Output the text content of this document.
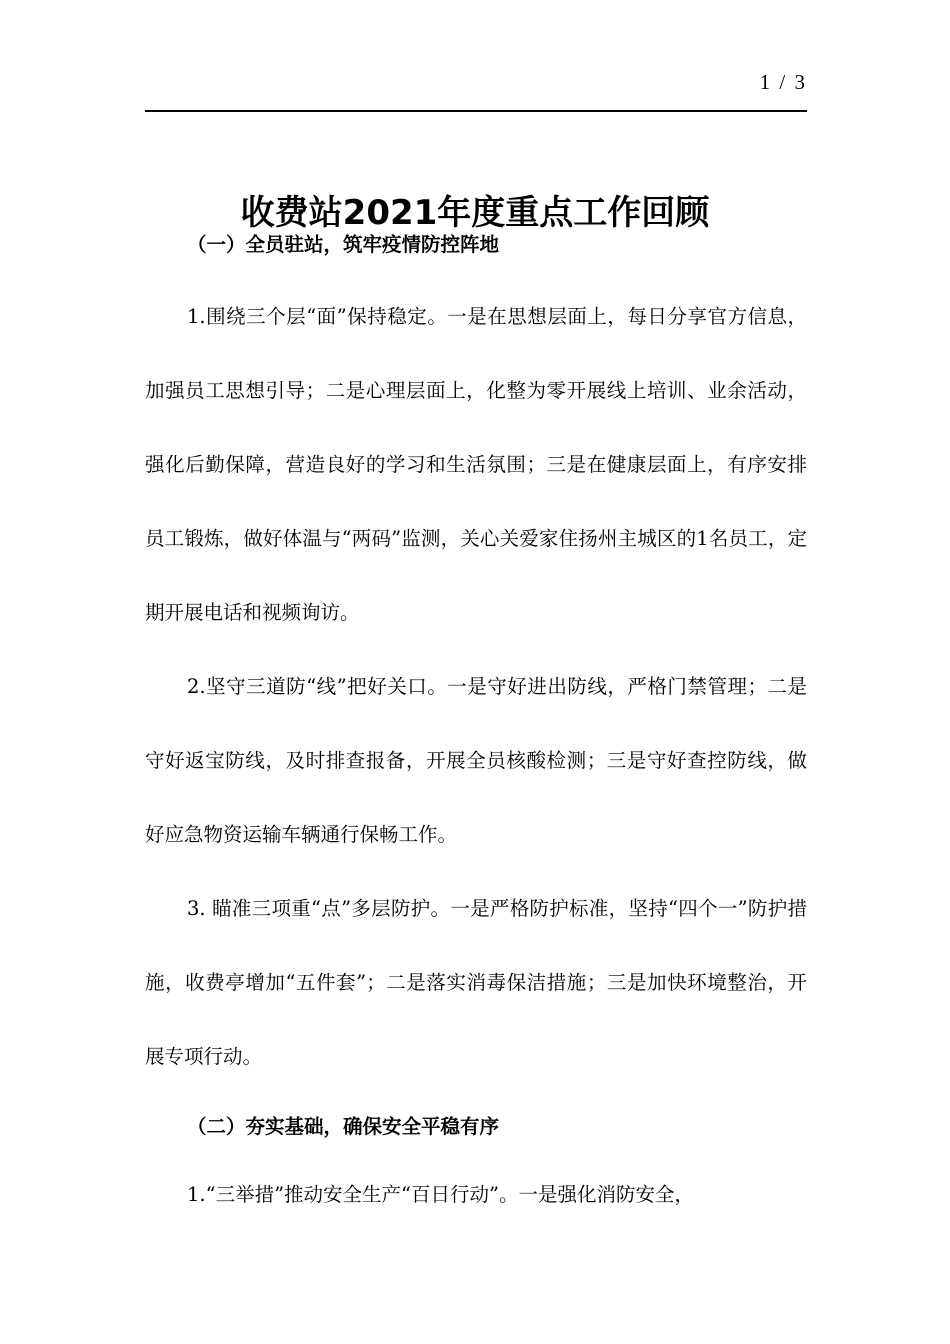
1 / 3
收费站2021年度重点工作回顾

（一）全员驻站，筑牢疫情防控阵地

1.围绕三个层“面”保持稳定。一是在思想层面上，每日分享官方信息，加强员工思想引导；二是心理层面上，化整为零开展线上培训、业余活动，强化后勤保障，营造良好的学习和生活氛围；三是在健康层面上，有序安排员工锻炼，做好体温与“两码”监测，关心关爱家住扬州主城区的1名员工，定期开展电话和视频询访。

2.坚守三道防“线”把好关口。一是守好进出防线，严格门禁管理；二是守好返宝防线，及时排查报备，开展全员核酸检测；三是守好查控防线，做好应急物资运输车辆通行保畅工作。

3. 瞄准三项重“点”多层防护。一是严格防护标准，坚持“四个一”防护措施，收费亭增加“五件套”；二是落实消毒保洁措施；三是加快环境整治，开展专项行动。

（二）夯实基础，确保安全平稳有序

1.“三举措”推动安全生产“百日行动”。一是强化消防安全，
